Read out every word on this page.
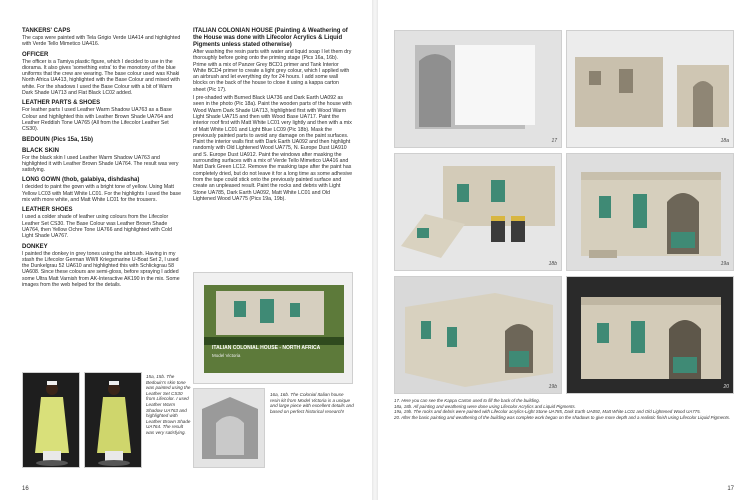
TANKERS' CAPS

The caps were painted with Tela Grigio Verde UA414 and highlighted with Verde Tello Mimetico UA416.

OFFICER

The officer is a Tamiya plastic figure, which I decided to use in the diorama. It also gives 'something extra' to the monotony of the blue uniforms that the crew are wearing. The base colour used was Khaki North Africa UA413, highlighted with the Base Colour and mixed with white. For the shadows I used the Base Colour with a bit of Warm Dark Shade UA713 and Flat Black LC02 added.

LEATHER PARTS & SHOES

For leather parts I used Leather Warm Shadow UA763 as a Base Colour and highlighted this with Leather Brown Shade UA764 and Leather Reddish Tone UA765 (All from the Lifecolor Leather Set CS30).

BEDOUIN (Pics 15a, 15b)
BLACK SKIN

For the black skin I used Leather Warm Shadow UA763 and highlighted it with Leather Brown Shade UA764. The result was very satisfying.

LONG GOWN (thob, galabiya, dishdasha)

I decided to paint the gown with a bright tone of yellow. Using Matt Yellow LC03 with Matt White LC01. For the highlights I used the base mix with more white, and Matt White LC01 for the trousers.

LEATHER SHOES

I used a colder shade of leather using colours from the Lifecolor Leather Set CS30. The Base Colour was Leather Brown Shade UA764, then Yellow Ochre Tone UA766 and highlighted with Cold Light Shade UA767.

DONKEY

I painted the donkey in grey tones using the airbrush. Having in my stash the Lifecolor German WWII Kriegsmarine U-Boat Set 2, I used the Dunkelgrau 52 UA610 and highlighted this with Schlickgrau 58 UA608. Since these colours are semi-gloss, before spraying I added some Ultra Matt Varnish from AK-Interactive AK190 in the mix. Some images from the web helped for the details.

ITALIAN COLONIAN HOUSE (Painting & Weathering of the House was done with Lifecolor Acrylics & Liquid Pigments unless stated otherwise)

After washing the resin parts with water and liquid soap I let them dry thoroughly before going onto the priming stage (Pics 16a, 16b). Prime with a mix of Panzer Grey BCD1 primer and Tank Interior White BCD4 primer to create a light grey colour, which I applied with an airbrush and let everything dry for 24 hours. I add some wall blocks on the back of the house to close it using a kappa carton sheet (Pic 17).

I pre-shaded with Burned Black UA736 and Dark Earth UA092 as seen in the photo (Pic 18a). Paint the wooden parts of the house with Wood Warm Dark Shade UA713, highlighted first with Wood Warm Light Shade UA715 and then with Wood Base UA717. Paint the interior roof first with Matt White LC01 very lightly and then with a mix of Matt White LC01 and Light Blue LC09 (Pic 18b). Mask the previously painted parts to avoid any damage on the paint surfaces. Paint the interior walls first with Dark Earth UA092 and then highlight randomly with Old Lightened Wood UA775, N. Europe Dust UA910 and S. Europe Dust UA912. Paint the windows after masking the surrounding surfaces with a mix of Verde Tello Mimetico UA416 and Matt Dark Green LC12. Remove the masking tape after the paint has completely dried, but do not leave it for a long time as some adhesive from the tape could stick onto the previously painted surface and create an unpleased result. Paint the rocks and debris with Light Stone UA785, Dark Earth UA092, Matt White LC01 and Old Lightened Wood UA775 (Pics 19a, 19b).

15a, 15b. The Bedouin's skin tone was painted using the Leather Set CS30 from Lifecolor. I used Leather Warm Shadow UA763 and highlighted with Leather Brown Shade UA764. The result was very satisfying.
ITALIAN COLONIAL HOUSE - NORTH AFRICA
Model Victoria
16a, 16b. The Colonial Italian house resin kit from Model Victoria is a unique and large piece with excellent details and based on perfect historical research!
16
17	18a
18b	19a
19b	20
17. Here you can see the Kappa Carton used to fill the back of the building.
18a, 18b. All painting and weathering were done using Lifecolor Acrylics and Liquid Pigments.
19a, 19b. The rocks and debris were painted with Lifecolor acrylics-Light Stone UA785, Dark Earth UA092, Matt White LC01 and Old Lightened Wood UA775.
20. After the basic painting and weathering of the building was complete work began on the shadows to give more depth and a realistic finish using Lifecolor Liquid Pigments.
17
